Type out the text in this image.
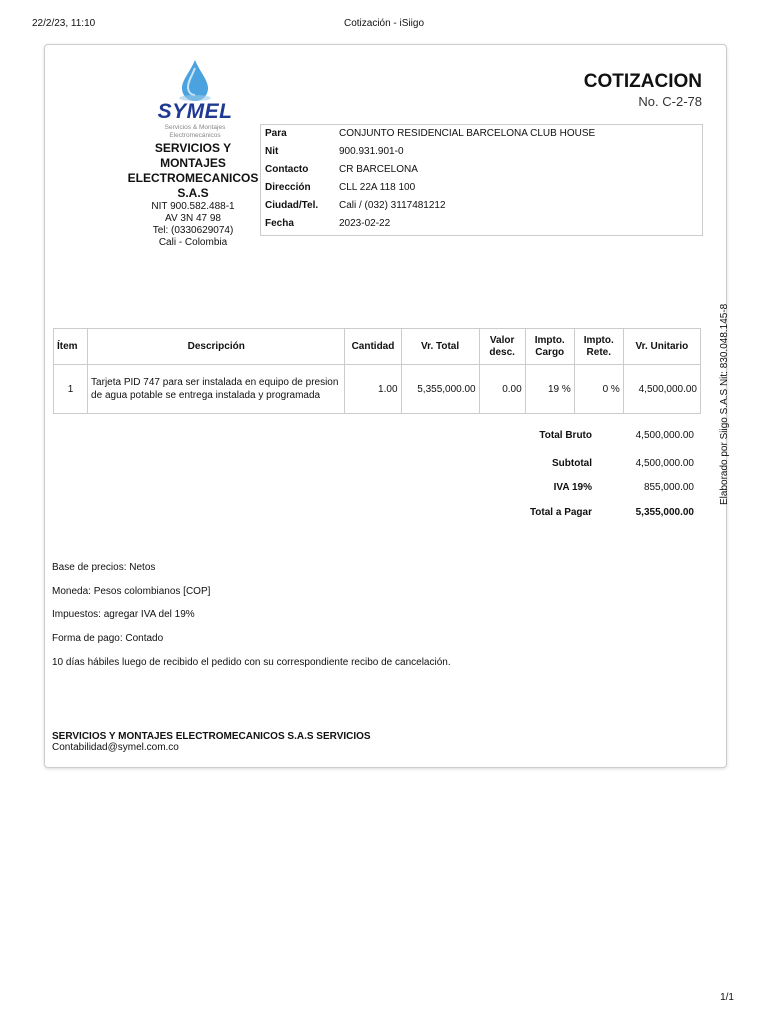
22/2/23, 11:10	Cotización - iSiigo
1/1
SYMEL
Servicios & Montajes
Electromecánicos
SERVICIOS Y MONTAJES ELECTROMECANICOS S.A.S
NIT 900.582.488-1
AV 3N 47 98
Tel: (0330629074)
Cali - Colombia
COTIZACION
No. C-2-78
Para	CONJUNTO RESIDENCIAL BARCELONA CLUB HOUSE
Nit	900.931.901-0
Contacto	CR BARCELONA
Dirección	CLL 22A 118 100
Ciudad/Tel. Cali / (032) 3117481212
Fecha	2023-02-22
Ítem	Descripción	Cantidad	Vr. Total	Valor desc.	Impto. Cargo	Impto. Rete.	Vr. Unitario
1	Tarjeta PID 747 para ser instalada en equipo de presion de agua potable se entrega instalada y programada	1.00	5,355,000.00	0.00	19 %	0 %	4,500,000.00
Total Bruto	4,500,000.00
Subtotal	4,500,000.00
IVA 19%	855,000.00
Total a Pagar	5,355,000.00
Base de precios: Netos
Moneda: Pesos colombianos [COP]
Impuestos: agregar IVA del 19%
Forma de pago: Contado
10 días hábiles luego de recibido el pedido con su correspondiente recibo de cancelación.
SERVICIOS Y MONTAJES ELECTROMECANICOS S.A.S SERVICIOS
Contabilidad@symel.com.co
Elaborado por Siigo S.A.S Nit: 830.048.145-8
